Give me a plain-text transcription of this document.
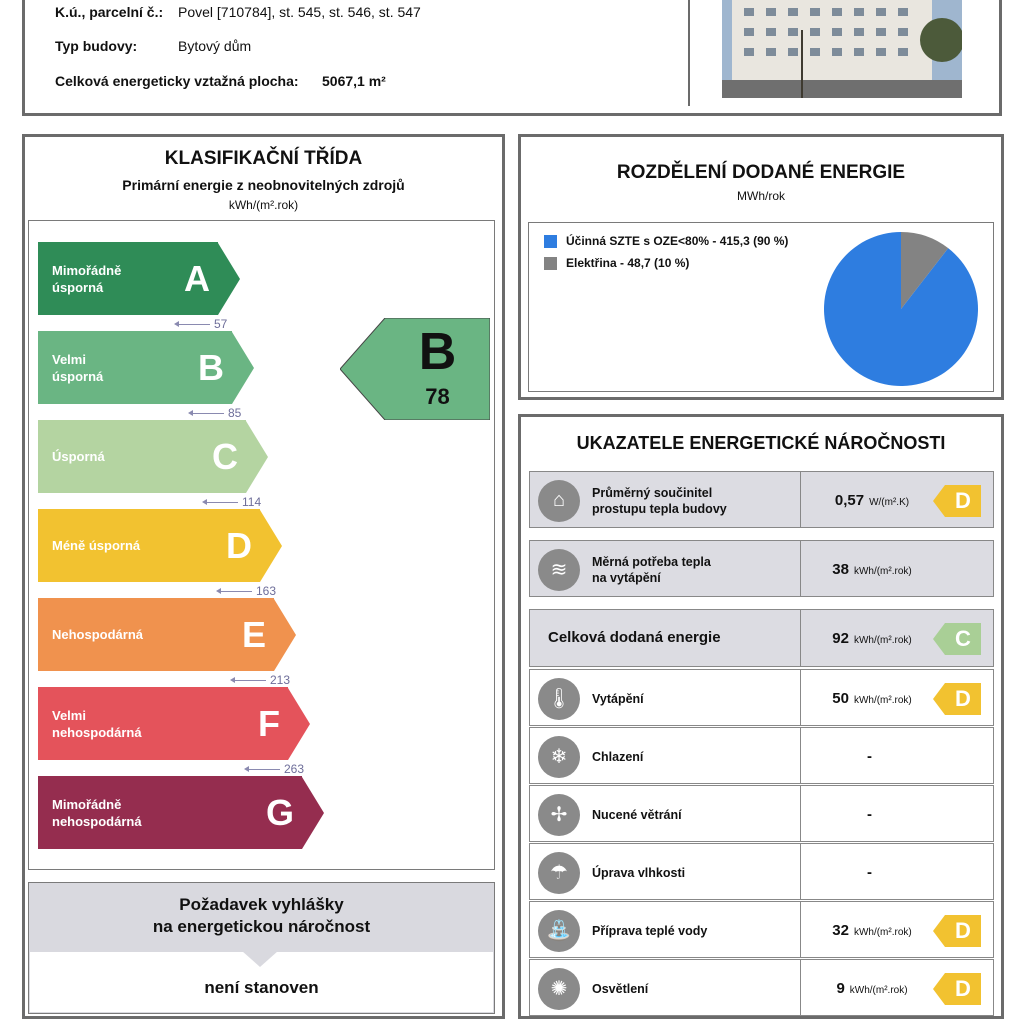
K.ú., parcelní č.: Povel [710784], st. 545, st. 546, st. 547
Typ budovy:	Bytový dům
Celková energeticky vztažná plocha: 5067,1 m²
KLASIFIKAČNÍ TŘÍDA
Primární energie z neobnovitelných zdrojů
kWh/(m².rok)
Mimořádně
úsporná	A
Velmi
úsporná	B
Úsporná	C
Méně úsporná D
Nehospodárná	E
Velmi
nehospodárná	F
Mimořádně
nehospodárná	G
57
85
114
163
213
263
B
78
Požadavek vyhlášky
na energetickou náročnost
není stanoven
ROZDĚLENÍ DODANÉ ENERGIE
MWh/rok
Účinná SZTE s OZE<80% - 415,3 (90 %)
Elektřina - 48,7 (10 %)
UKAZATELE ENERGETICKÉ NÁROČNOSTI
⌂	Průměrný součinitel
prostupu tepla budovy	0,57 W/(m².K)	D
≋	Měrná potřeba tepla
na vytápění	38 kWh/(m².rok)
Celková dodaná energie	92 kWh/(m².rok)	C
🌡	Vytápění	50 kWh/(m².rok)	D
❄	Chlazení	-
✢	Nucené větrání	-
☂	Úprava vlhkosti	-
⛲	Příprava teplé vody	32 kWh/(m².rok)	D
✺	Osvětlení	9 kWh/(m².rok)	D
